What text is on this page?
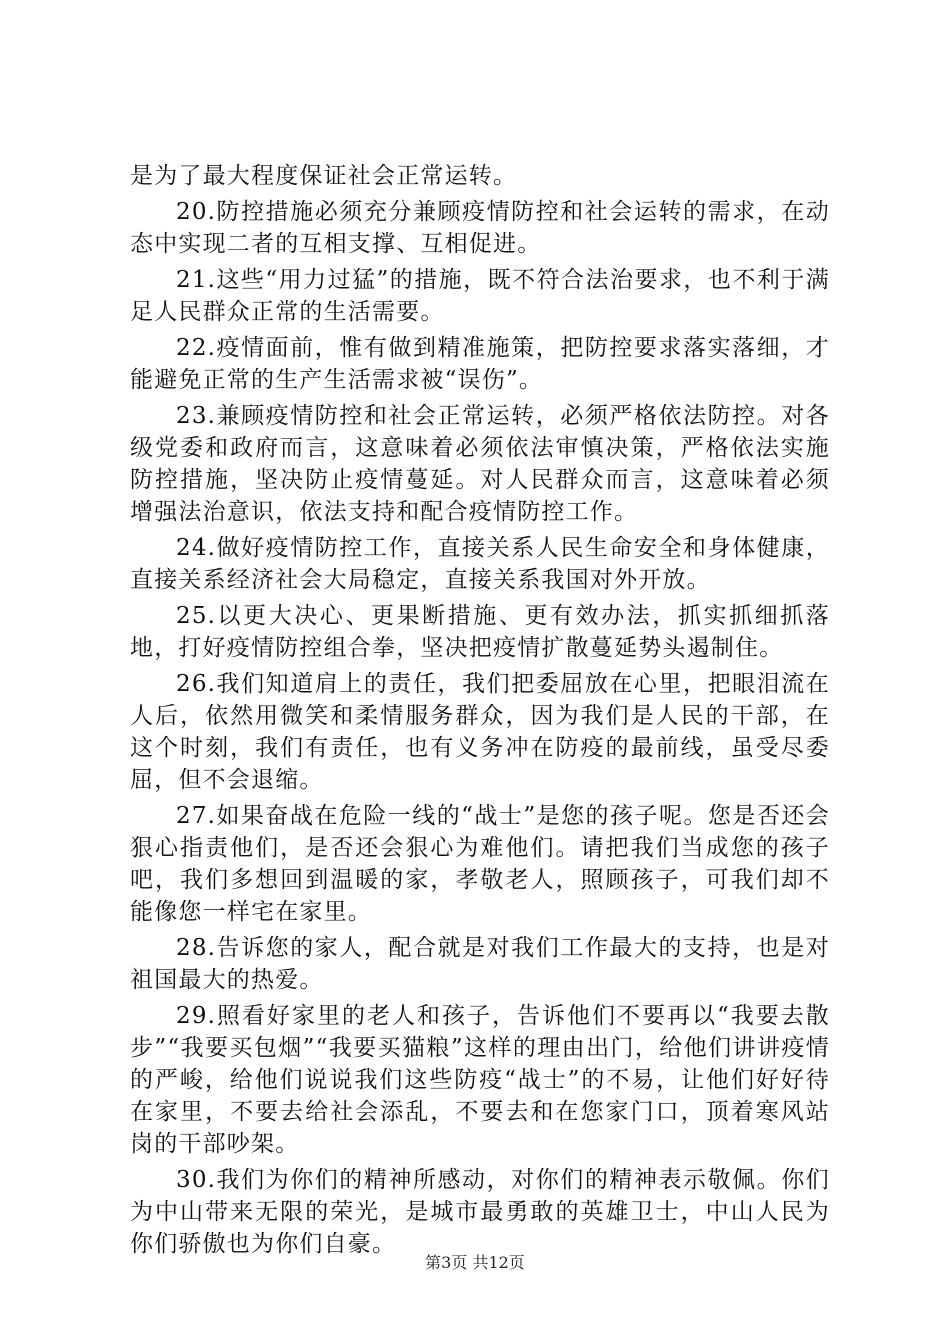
是为了最大程度保证社会正常运转。

20.防控措施必须充分兼顾疫情防控和社会运转的需求，在动态中实现二者的互相支撑、互相促进。

21.这些“用力过猛”的措施，既不符合法治要求，也不利于满足人民群众正常的生活需要。

22.疫情面前，惟有做到精准施策，把防控要求落实落细，才能避免正常的生产生活需求被“误伤”。

23.兼顾疫情防控和社会正常运转，必须严格依法防控。对各级党委和政府而言，这意味着必须依法审慎决策，严格依法实施防控措施，坚决防止疫情蔓延。对人民群众而言，这意味着必须增强法治意识，依法支持和配合疫情防控工作。

24.做好疫情防控工作，直接关系人民生命安全和身体健康，直接关系经济社会大局稳定，直接关系我国对外开放。

25.以更大决心、更果断措施、更有效办法，抓实抓细抓落地，打好疫情防控组合拳，坚决把疫情扩散蔓延势头遏制住。

26.我们知道肩上的责任，我们把委屈放在心里，把眼泪流在人后，依然用微笑和柔情服务群众，因为我们是人民的干部，在这个时刻，我们有责任，也有义务冲在防疫的最前线，虽受尽委屈，但不会退缩。

27.如果奋战在危险一线的“战士”是您的孩子呢。您是否还会狠心指责他们，是否还会狠心为难他们。请把我们当成您的孩子吧，我们多想回到温暖的家，孝敬老人，照顾孩子，可我们却不能像您一样宅在家里。

28.告诉您的家人，配合就是对我们工作最大的支持，也是对祖国最大的热爱。

29.照看好家里的老人和孩子，告诉他们不要再以“我要去散步”“我要买包烟”“我要买猫粮”这样的理由出门，给他们讲讲疫情的严峻，给他们说说我们这些防疫“战士”的不易，让他们好好待在家里，不要去给社会添乱，不要去和在您家门口，顶着寒风站岗的干部吵架。

30.我们为你们的精神所感动，对你们的精神表示敬佩。你们为中山带来无限的荣光，是城市最勇敢的英雄卫士，中山人民为你们骄傲也为你们自豪。

第3页 共12页
